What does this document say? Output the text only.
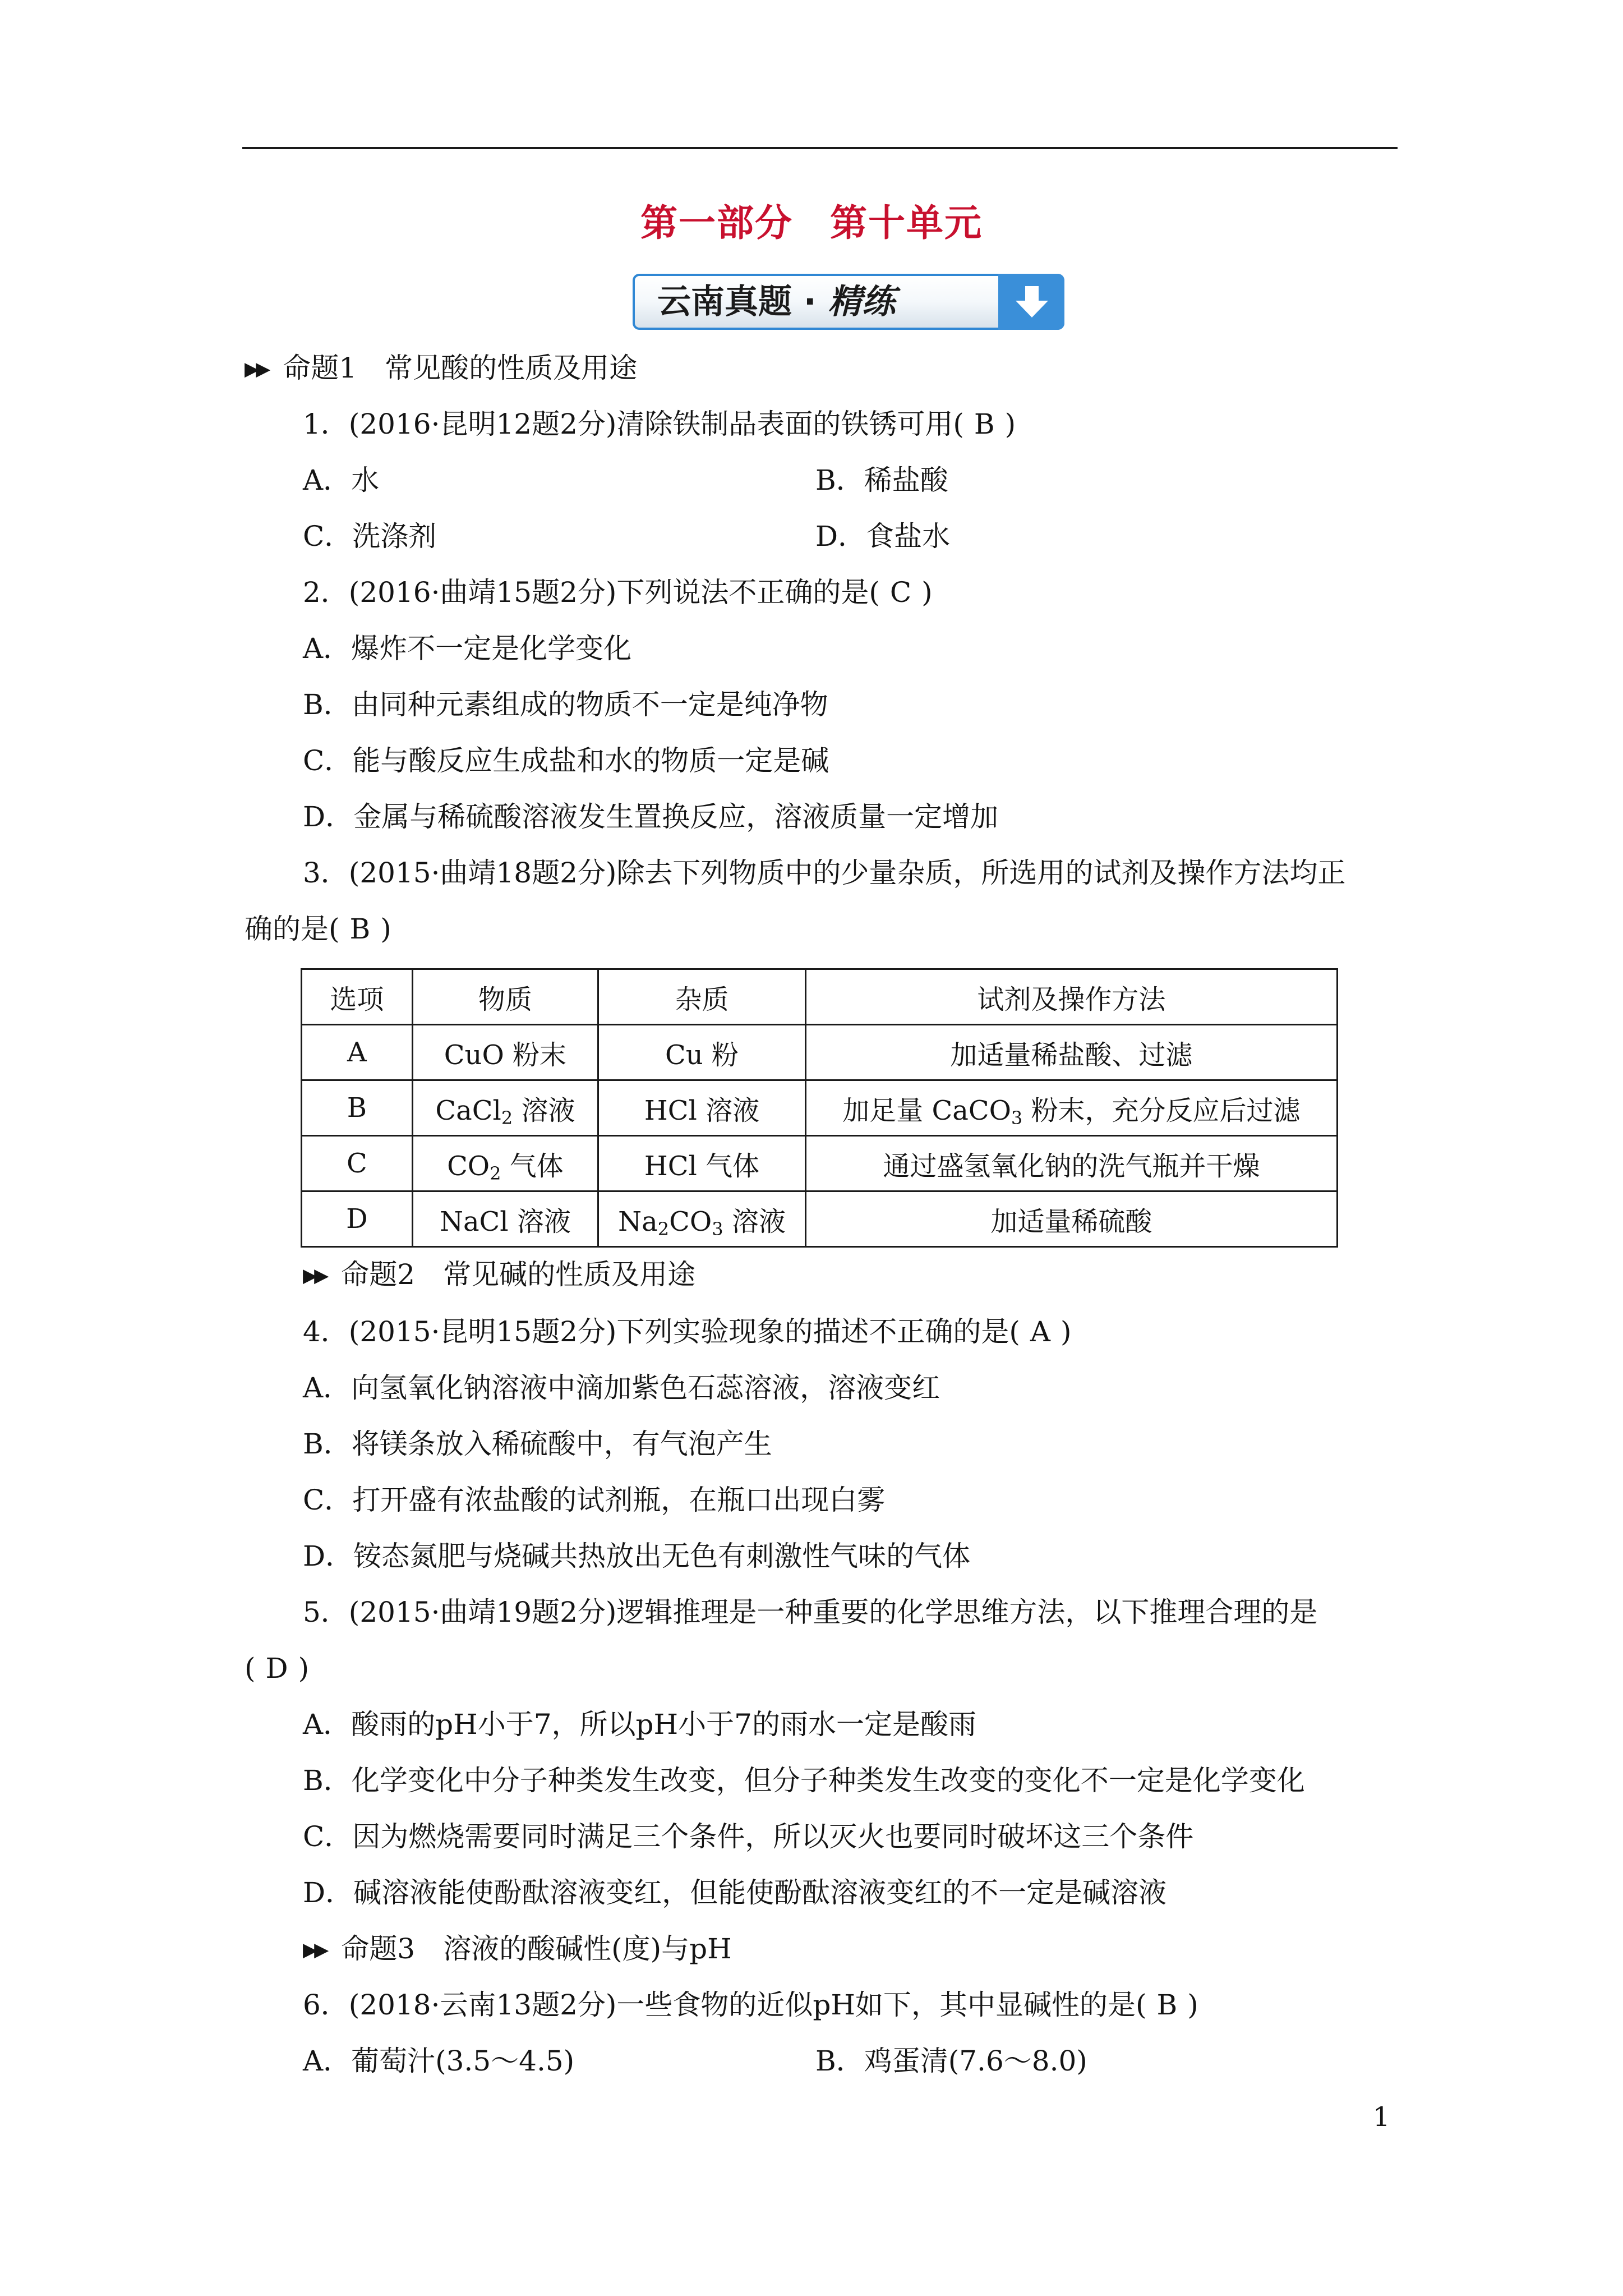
第一部分 第十单元
云南真题 · 精练
▶▶ 命题1　 常见酸的性质及用途
1．(2016·昆明12题2分)清除铁制品表面的铁锈可用( B )
A．水	B．稀盐酸
C．洗涤剂	D．食盐水
2．(2016·曲靖15题2分)下列说法不正确的是( C )
A．爆炸不一定是化学变化
B．由同种元素组成的物质不一定是纯净物
C．能与酸反应生成盐和水的物质一定是碱
D．金属与稀硫酸溶液发生置换反应，溶液质量一定增加
3．(2015·曲靖18题2分)除去下列物质中的少量杂质，所选用的试剂及操作方法均正
确的是( B )
选项	物质	杂质	试剂及操作方法
A	CuO 粉末	Cu 粉	加适量稀盐酸、过滤
B	CaCl$_2$ 溶液	HCl 溶液	加足量 CaCO$_3$ 粉末，充分反应后过滤
C	$CO_2$ 气体	HCl 气体	通过盛氢氧化钠的洗气瓶并干燥
D	NaCl 溶液	$Na_2CO_3$ 溶液	加适量稀硫酸
▶▶ 命题2　 常见碱的性质及用途
4．(2015·昆明15题2分)下列实验现象的描述不正确的是( A )
A．向氢氧化钠溶液中滴加紫色石蕊溶液，溶液变红
B．将镁条放入稀硫酸中，有气泡产生
C．打开盛有浓盐酸的试剂瓶，在瓶口出现白雾
D．铵态氮肥与烧碱共热放出无色有刺激性气味的气体
5．(2015·曲靖19题2分)逻辑推理是一种重要的化学思维方法，以下推理合理的是
( D )
A．酸雨的pH小于7，所以pH小于7的雨水一定是酸雨
B．化学变化中分子种类发生改变，但分子种类发生改变的变化不一定是化学变化
C．因为燃烧需要同时满足三个条件，所以灭火也要同时破坏这三个条件
D．碱溶液能使酚酞溶液变红，但能使酚酞溶液变红的不一定是碱溶液
▶▶ 命题3　 溶液的酸碱性(度)与pH
6．(2018·云南13题2分)一些食物的近似pH如下，其中显碱性的是( B )
A．葡萄汁(3.5～4.5)	B．鸡蛋清(7.6～8.0)
1
